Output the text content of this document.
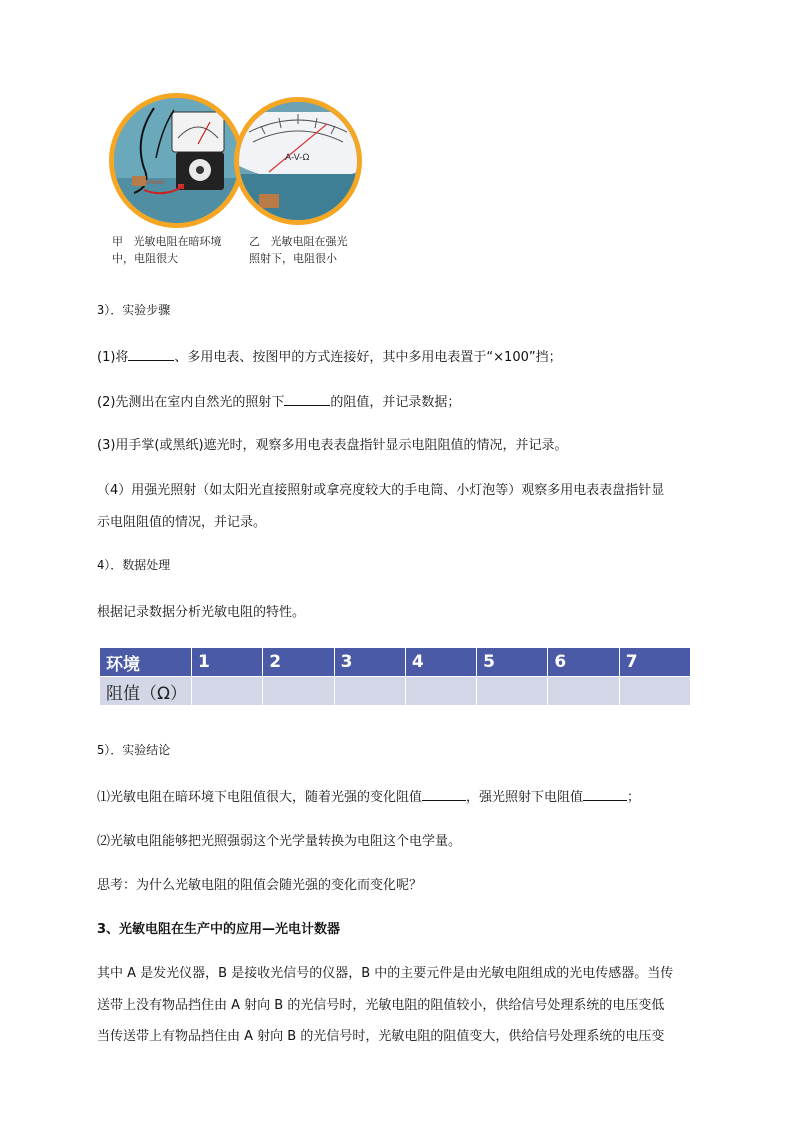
A-V-Ω
甲   光敏电阻在暗环境
中，电阻很大
乙   光敏电阻在强光
照射下，电阻很小
3）．实验步骤
(1)将	、多用电表、按图甲的方式连接好，其中多用电表置于“×100”挡；
(2)先测出在室内自然光的照射下	的阻值，并记录数据；
(3)用手掌(或黑纸)遮光时，观察多用电表表盘指针显示电阻阻值的情况，并记录。
（4）用强光照射（如太阳光直接照射或拿亮度较大的手电筒、小灯泡等）观察多用电表表盘指针显
示电阻阻值的情况，并记录。
4）．数据处理
根据记录数据分析光敏电阻的特性。
环境	1	2	3	4	5	6	7
阻值（Ω）							
5）．实验结论
⑴光敏电阻在暗环境下电阻值很大，随着光强的变化阻值	，强光照射下电阻值	；
⑵光敏电阻能够把光照强弱这个光学量转换为电阻这个电学量。
思考：为什么光敏电阻的阻值会随光强的变化而变化呢？
3、光敏电阻在生产中的应用—光电计数器
其中 A 是发光仪器，B 是接收光信号的仪器，B 中的主要元件是由光敏电阻组成的光电传感器。当传
送带上没有物品挡住由 A 射向 B 的光信号时，光敏电阻的阻值较小，供给信号处理系统的电压变低
当传送带上有物品挡住由 A 射向 B 的光信号时，光敏电阻的阻值变大，供给信号处理系统的电压变
